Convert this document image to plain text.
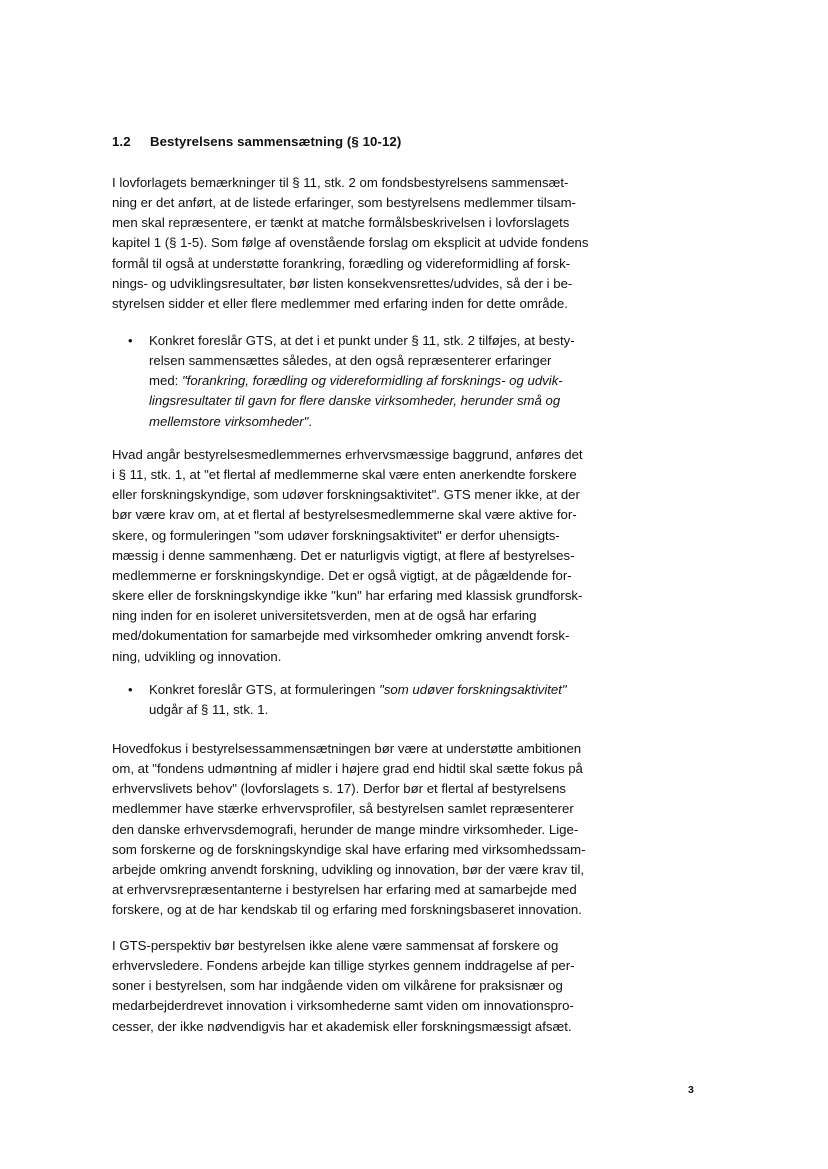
1.2 Bestyrelsens sammensætning (§ 10-12)

I lovforlagets bemærkninger til § 11, stk. 2 om fondsbestyrelsens sammensæt-
ning er det anført, at de listede erfaringer, som bestyrelsens medlemmer tilsam-
men skal repræsentere, er tænkt at matche formålsbeskrivelsen i lovforslagets
kapitel 1 (§ 1-5). Som følge af ovenstående forslag om eksplicit at udvide fondens
formål til også at understøtte forankring, forædling og videreformidling af forsk-
nings- og udviklingsresultater, bør listen konsekvensrettes/udvides, så der i be-
styrelsen sidder et eller flere medlemmer med erfaring inden for dette område.

• Konkret foreslår GTS, at det i et punkt under § 11, stk. 2 tilføjes, at besty-
relsen sammensættes således, at den også repræsenterer erfaringer
med: "forankring, forædling og videreformidling af forsknings- og udvik-
lingsresultater til gavn for flere danske virksomheder, herunder små og
mellemstore virksomheder".

Hvad angår bestyrelsesmedlemmernes erhvervsmæssige baggrund, anføres det
i § 11, stk. 1, at "et flertal af medlemmerne skal være enten anerkendte forskere
eller forskningskyndige, som udøver forskningsaktivitet". GTS mener ikke, at der
bør være krav om, at et flertal af bestyrelsesmedlemmerne skal være aktive for-
skere, og formuleringen "som udøver forskningsaktivitet" er derfor uhensigts-
mæssig i denne sammenhæng. Det er naturligvis vigtigt, at flere af bestyrelses-
medlemmerne er forskningskyndige. Det er også vigtigt, at de pågældende for-
skere eller de forskningskyndige ikke "kun" har erfaring med klassisk grundforsk-
ning inden for en isoleret universitetsverden, men at de også har erfaring
med/dokumentation for samarbejde med virksomheder omkring anvendt forsk-
ning, udvikling og innovation.

• Konkret foreslår GTS, at formuleringen "som udøver forskningsaktivitet"
udgår af § 11, stk. 1.

Hovedfokus i bestyrelsessammensætningen bør være at understøtte ambitionen
om, at "fondens udmøntning af midler i højere grad end hidtil skal sætte fokus på
erhvervslivets behov" (lovforslagets s. 17). Derfor bør et flertal af bestyrelsens
medlemmer have stærke erhvervsprofiler, så bestyrelsen samlet repræsenterer
den danske erhvervsdemografi, herunder de mange mindre virksomheder. Lige-
som forskerne og de forskningskyndige skal have erfaring med virksomhedssam-
arbejde omkring anvendt forskning, udvikling og innovation, bør der være krav til,
at erhvervsrepræsentanterne i bestyrelsen har erfaring med at samarbejde med
forskere, og at de har kendskab til og erfaring med forskningsbaseret innovation.

I GTS-perspektiv bør bestyrelsen ikke alene være sammensat af forskere og
erhvervsledere. Fondens arbejde kan tillige styrkes gennem inddragelse af per-
soner i bestyrelsen, som har indgående viden om vilkårene for praksisnær og
medarbejderdrevet innovation i virksomhederne samt viden om innovationspro-
cesser, der ikke nødvendigvis har et akademisk eller forskningsmæssigt afsæt.

3
